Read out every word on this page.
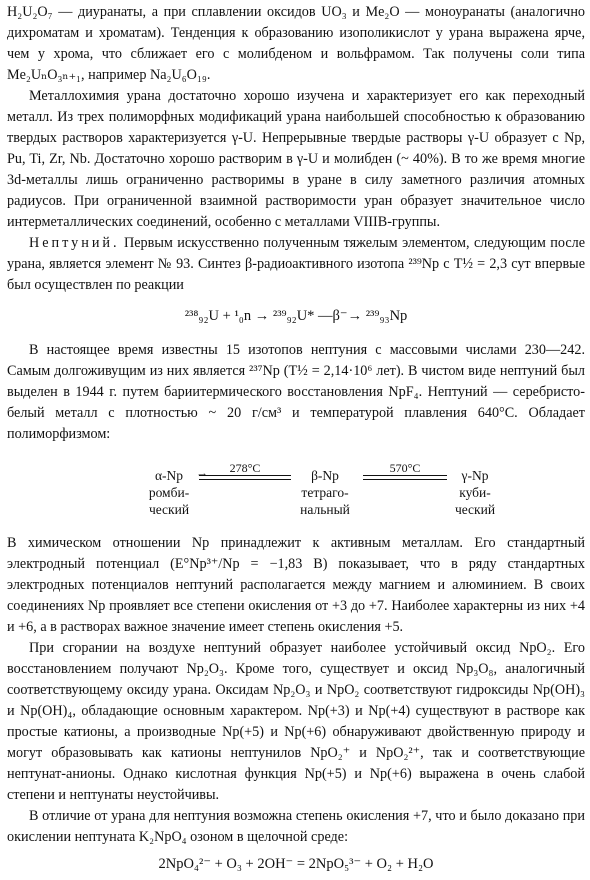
H₂U₂O₇ — диуранаты, а при сплавлении оксидов UO₃ и Me₂O — моноуранаты (аналогично дихроматам и хроматам). Тенденция к образованию изополикислот у урана выражена ярче, чем у хрома, что сближает его с молибденом и вольфрамом. Так получены соли типа Me₂UₙO₃ₙ₊₁, например Na₂U₆O₁₉.

Металлохимия урана достаточно хорошо изучена и характеризует его как переходный металл. Из трех полиморфных модификаций урана наибольшей способностью к образованию твердых растворов характеризуется γ-U. Непрерывные твердые растворы γ-U образует с Np, Pu, Ti, Zr, Nb. Достаточно хорошо растворим в γ-U и молибден (~ 40%). В то же время многие 3d-металлы лишь ограниченно растворимы в уране в силу заметного различия атомных радиусов. При ограниченной взаимной растворимости уран образует значительное число интерметаллических соединений, особенно с металлами VIIIB-группы.

Нептуний. Первым искусственно полученным тяжелым элементом, следующим после урана, является элемент № 93. Синтез β-радиоактивного изотопа ²³⁹Np с T½ = 2,3 сут впервые был осуществлен по реакции

²³⁸₉₂U + ¹₀n → ²³⁹₉₂U* —β⁻→ ²³⁹₉₃Np

В настоящее время известны 15 изотопов нептуния с массовыми числами 230—242. Самым долгоживущим из них является ²³⁷Np (T½ = 2,14·10⁶ лет). В чистом виде нептуний был выделен в 1944 г. путем бариитермического восстановления NpF₄. Нептуний — серебристо-белый металл с плотностью ~ 20 г/см³ и температурой плавления 640°С. Обладает полиморфизмом:

α-Np
ромби-
ческий
278°C
⇀	β-Np
тетраго-
нальный
570°C	γ-Np
куби-
ческий

В химическом отношении Np принадлежит к активным металлам. Его стандартный электродный потенциал (E°Np³⁺/Np = −1,83 В) показывает, что в ряду стандартных электродных потенциалов нептуний располагается между магнием и алюминием. В своих соединениях Np проявляет все степени окисления от +3 до +7. Наиболее характерны из них +4 и +6, а в растворах важное значение имеет степень окисления +5.

При сгорании на воздухе нептуний образует наиболее устойчивый оксид NpO₂. Его восстановлением получают Np₂O₃. Кроме того, существует и оксид Np₃O₈, аналогичный соответствующему оксиду урана. Оксидам Np₂O₃ и NpO₂ соответствуют гидроксиды Np(OH)₃ и Np(OH)₄, обладающие основным характером. Np(+3) и Np(+4) существуют в растворе как простые катионы, а производные Np(+5) и Np(+6) обнаруживают двойственную природу и могут образовывать как катионы нептунилов NpO₂⁺ и NpO₂²⁺, так и соответствующие нептунат-анионы. Однако кислотная функция Np(+5) и Np(+6) выражена в очень слабой степени и нептунаты неустойчивы.

В отличие от урана для нептуния возможна степень окисления +7, что и было доказано при окислении нептуната K₂NpO₄ озоном в щелочной среде:

2NpO₄²⁻ + O₃ + 2OH⁻ = 2NpO₅³⁻ + O₂ + H₂O
